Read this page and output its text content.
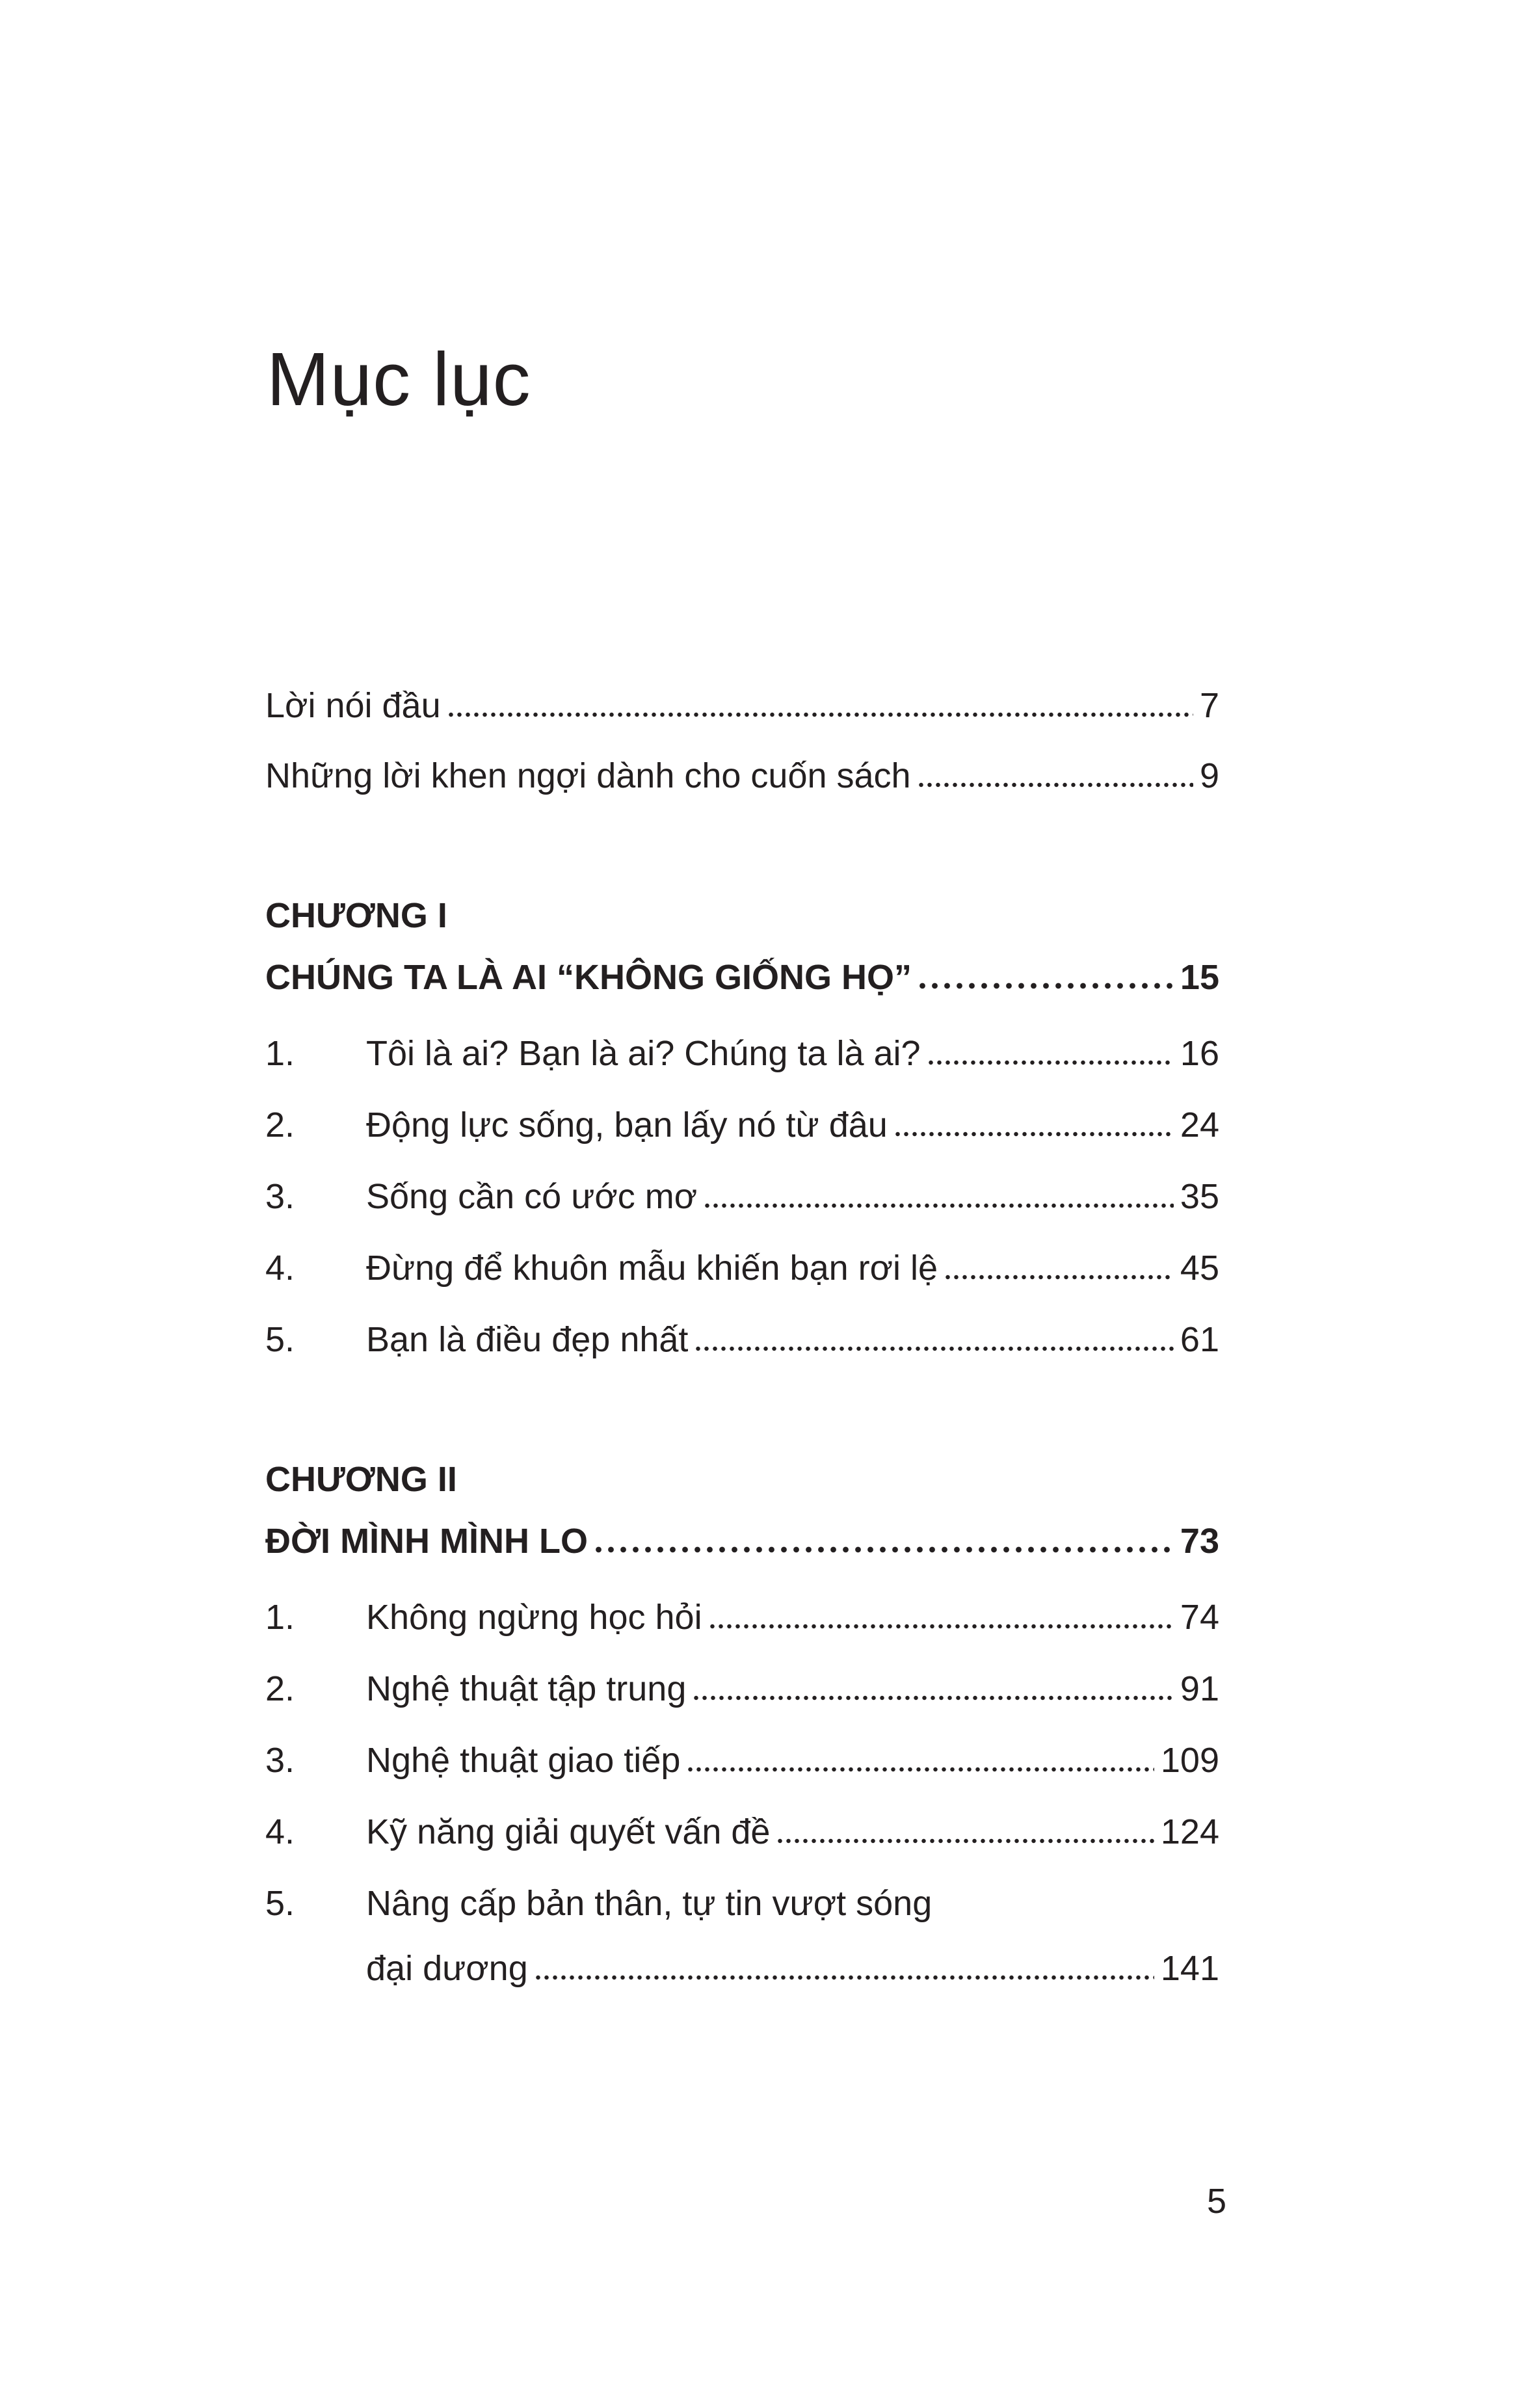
Mục lục
Lời nói đầu	7
Những lời khen ngợi dành cho cuốn sách	9
CHƯƠNG I
CHÚNG TA LÀ AI “KHÔNG GIỐNG HỌ”	15
1.	Tôi là ai? Bạn là ai? Chúng ta là ai?	16
2.	Động lực sống, bạn lấy nó từ đâu	24
3.	Sống cần có ước mơ	35
4.	Đừng để khuôn mẫu khiến bạn rơi lệ	45
5.	Bạn là điều đẹp nhất	61
CHƯƠNG II
ĐỜI MÌNH MÌNH LO	73
1.	Không ngừng học hỏi	74
2.	Nghệ thuật tập trung	91
3.	Nghệ thuật giao tiếp	109
4.	Kỹ năng giải quyết vấn đề	124
5.	Nâng cấp bản thân, tự tin vượt sóng
đại dương	141
5
